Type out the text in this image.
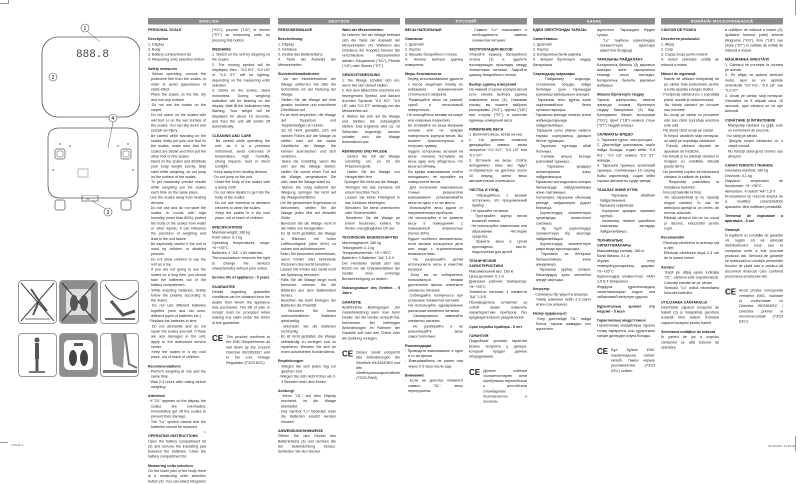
1.Pnvih 1	01.05.2017 11:45:30
888.8
1
2
4
3V
3
ENGLISH
PERSONAL SCALE
Description
1. Display
2. Body
3. Battery compartment lid
4. Measuring units selection button
Safety measures
· Before operating, remove the protective film from the scales, in order to avoid appearance of static effect.
· Place the scales on the flat, dry and non-slip surface.
· Do not use the scales on the carpet.
· Do not stand on the scales with wet feet or on the wet surface of the scales. You can slip down and sustain an injury.
· Be careful while standing on the scales: firstly put your one foot on the scales, make sure that the scales are stable and then put the other foot on the scales.
· Stand on the scales and distribute your body weight evenly. Stay steel while weighing, do not jump on the surface of the scales.
· To get maximally precise results while weighing put the scales each time on the same place.
· Use the scales away from heating devices.
· Do not use and do not store the scales in rooms with high humidity (more than 80%), protect the body of the scales from water or other liquids, it can influence the precision of weighing and lead to the unit failure.
· Be especially careful if the unit is used by children or disabled persons.
· Do not allow children to use the unit as a toy.
· If you are not going to use the scales for a long time, you should take the batteries out of the battery compartment.
· While inserting batteries, strictly follow the polarity according to the marks.
· Do not use different batteries together (new and old ones, different types of batteries etc.).
· Replace the batteries in time.
· Do not dismantle and do not repair the scales yourself. If there are any damages in the unit, apply to the authorized service center.
· Keep the scales in a dry cool place, out of reach of children.
Recommendations
· Perform weighing at one and the same time.
· Wait 2-3 hours after eating before weighing.
Attention!
· If "OL" appears on the display, the scales are overloaded. Immediately get off the scales to prevent their damage.
· The "Lo" symbol means that the batteries should be replaced.
OPERATING INSTRUCTIONS
Open the battery compartment lid (3) and remove the insulating pad between the batteries. Close the battery compartment lid.
Measuring units selection
On the lower part of the body there is a measuring units selection button (4). You can select kilograms
("KG"), pounds ("LB") or stones ("ST") as measuring units, by pressing this button.
WEIGHING
1. Switch on the unit by stepping on the scales.
2. The moving symbol will be displayed, then - "0.0 KG", "0.0 LB" or "0.0 ST" will be lighting, depending on the measuring units selected.
3. Stand on the scales, stand motionless. During weighing indication will be flashing on the display. Wait till the indications stop flashing. Your weight will be displayed for about 10 seconds, and then the unit will switch off automatically.
CLEANING AND CARE
· Be careful while operating the unit, as it is a precision instrument, avoid extremes of temperature, high humidity, strong impacts, dust or direct sunlight.
· Keep away from heating devices.
· Do not jump on the unit.
· Clean the body of the scales with a damp cloth.
· Do not allow liquids to get into the body of the scales.
· Do not use chemical or abrasive cleaners to clean the scales.
· Keep the scales in a dry cool place, out of reach of children.
SPECIFICATIONS
Maximal weight: 180 kg
Point value: 0,1 kg
Operating temperatures range: +5~+35°C
Batteries: 4 "AA" 1,5V batteries.
The manufacturer reserves the right to change the device's characteristics without prior notice.
Service life of appliance - 5 years
GUARANTEE
Details regarding guarantee conditions can be obtained from the dealer from whom the appliance was purchased. The bill of sale or receipt must be produced when making any claim under the terms of this guarantee.
CE This product conforms to the EMC-Requirements as laid down by the Council Directive 89/336/EEC and to the Low Voltage Regulation (73/23 EEC)
1
DEUTSCH
PERSONENWAAGE
Beschreibung
1. Display
2. Gehäuse
3. Deckel des Batteriefachs
4. Taste der Auswahl der Messeinheiten
Sicherheitsmaßnahmen
· Vor der Inbetriebnahme der Waage entfernen Sie bitte die Schutzfolie vor der Nutzung der Waage.
· Stellen Sie die Waage auf eine gerade, trockene und rutschfeste Oberfläche auf.
· Es ist nicht empfohlen, die Waage auf Teppichen und Teppichbelägen zu nutzen.
· Es ist nicht gestattet, sich mit nassen Füßen auf die Waage zu stellen oder auf die nasse Oberfläche der Waage. Sie können ausrutschen und sich verletzen.
· Seien Sie vorsichtig, wenn Sie sich auf die Waage stellen: stellen Sie zuerst einen Fuß auf die Waage, vergewissern Sie sich, dass die Waage stabil ist.
· Stehen Sie ruhig während der Wiegung, springen Sie nicht auf die Waageoberfläche.
· Um die genauesten Ergebnisse zu bekommen, stellen Sie die Waage jedes Mal auf dieselbe Stelle.
· Benutzen Sie die Waage nicht in der Nähe von Heizgeräten.
· Es ist nicht gestattet, die Waage in Räumen mit hoher Luftfeuchtigkeit (über 80%) zu nutzen und aufzubewahren.
· Seien Sie besonders aufmerksam, wenn Kinder oder behinderte Personen das Gerät benutzen.
· Lassen Sie Kinder das Gerät nicht als Spielzeug benutzen.
· Falls Sie die Waage lange nicht benutzen, nehmen Sie die Batterien aus dem Batteriefach heraus.
· Beachten Sie beim Einlegen der Batterien die Polarität.
· Benutzen Sie keine unterschiedlichen Batterien gleichzeitig.
· Wechseln Sie die Batterien rechtzeitig.
· Es ist nicht gestattet, die Waage selbständig zu zerlegen und zu reparieren. Wenden Sie sich an einen autorisierten Kundendienst.
Empfehlungen
· Wiegen Sie sich jeden Tag zur gleichen Zeit.
· Wiegen Sie sich nicht früher als 2-3 Stunden nach dem Essen.
Achtung!
· Wenn "OL" auf dem Display erscheint, ist die Waage überlastet.
· Das Symbol "Lo" bedeutet, dass die Batterien ersetzt werden müssen.
ANWENDUNGSHINWEISE
Öffnen Sie den Deckel des Batteriefachs (3) und nehmen Sie die Isolierdichtung heraus. Schließen Sie den Deckel.
Wahl der Messeinheiten
Im unteren Teil der Waage befindet sich die Taste der Auswahl der Messeinheiten (4). Während des Drückens der Knopfes können Sie verschiedene Messeinheiten wählen: Kilogramme ("KG"), Pfunde ("LB") oder Stones ("ST").
GEWICHTSMESSUNG
1. Die Waage schaltet sich ein, wenn Sie sich darauf stellen.
2. Auf dem Bildschirm erscheint ein bewegendes Symbol, und danach leuchten Symbole "0.0 KG", "0.0 LB" oder "0.0 ST" abhängig von der Messeinheit auf.
3. Stellen Sie sich auf die Waage und bleiben Sie unbeweglich stehen. Das Ergebnis wird ca. 10 Sekunden angezeigt, danach schaltet sich die Waage automatisch aus.
REINIGUNG UND PFLEGE
· Gehen Sie mit der Waage vorsichtig um, es ist ein Präzisionsgerät.
· Halten Sie die Waage von Heizgeräten fern.
· Springen Sie nicht auf die Waage.
· Reinigen Sie das Gehäuse mit einem feuchten Tuch.
· Lassen Sie keine Flüssigkeit in das Gehäuse eindringen.
· Benutzen Sie keine chemischen oder Scheuermittel.
· Bewahren Sie die Waage an einem trockenen, kühlen, für Kinder unzugänglichen Ort auf.
TECHNISCHE EIGENSCHAFTEN
Maximalgewicht: 180 kg
Teilungswert: 0,1 kg
Temperaturbereich: +5~+35°C
Batterien: 4 Batterien "AA" 1,5 V
Der Hersteller behält sich das Recht vor, die Charakteristiken der Geräte ohne vorherige Benachrichtigung zu ändern.
Nutzungsdauer des Gerätes - 5 Jahre
GARANTIE
Ausführliche Bedingungen der Garantieleistung kann man beim Dealer, der die Geräte verkauft hat, bekommen. Bei beliebigen Anforderungen im Rahmen der Garantie soll man den Check oder die Quittung vorlegen.
CE Dieses Gerät entspricht den Anforderungen der Richtlinie 89/336/EWG und den Niederspannungsrichtlinien (73/23 EWG)
РУССКИЙ
ВЕСЫ НАПОЛЬНЫЕ
Описание
1. Дисплей
2. Корпус
3. Крышка батарейного отсека
4. Кнопка выбора единиц измерения
Меры безопасности
· Перед использованием удалите с весов защитную пленку во избежание возникновения статического эффекта.
· Размещайте весы на ровной, сухой и нескользкой поверхности.
· Не пользуйтесь весами на ковре или ковровых покрытиях.
· Не вставайте на весы мокрыми ногами или на мокрую поверхность корпуса весов. Вы можете поскользнуться и получить травму.
· Будьте осторожны, вставая на весы: сначала поставьте на весы одну ногу, убедитесь, что весы устойчивы.
· Во время взвешивания стойте неподвижно, не прыгайте на поверхности весов.
· Для получения максимально точных результатов взвешивания устанавливайте весы на одно и то же место.
· Используйте весы вдали от нагревательных приборов.
· Не используйте и не храните весы в помещениях с повышенной влажностью (более 80%).
· Будьте особенно внимательны, если весами пользуются дети или люди с ограниченными возможностями.
· Не разрешайте детям использовать весы в качестве игрушки.
· Если вы не собираетесь пользоваться весами длительное время, извлеките элементы питания.
· Соблюдайте полярность при установке элементов питания.
· Не используйте одновременно различные элементы питания.
· Своевременно заменяйте элементы питания.
· Не разбирайте и не ремонтируйте весы самостоятельно.
Рекомендации
· Проводите взвешивание в одно и то же время.
· Взвешивайтесь не ранее чем через 2-3 часа после еды.
Внимание!
· Если на дисплее появился символ "OL", весы перегружены.
· Символ "Lo" показывает о необходимости замены элементов питания.
ЭКСПЛУАТАЦИЯ ВЕСОВ
Откройте крышку батарейного отсека (3) и удалите изолирующую прокладку между элементами питания. Закройте крышку батарейного отсека.
Выбор единиц измерения
На нижней стороне корпуса весов есть кнопка выбора единиц измерения веса (4). Нажимая кнопку, вы можете выбрать килограммы ("KG"), фунты ("LB") или стоуны ("ST") в качестве единицы измерения веса.
ИЗМЕРЕНИЕ ВЕСА
1. Включите весы, встав на них.
2. На дисплее появится движущийся символ, затем загорится "0.0 KG", "0.0 LB" или "0.0 ST".
3. Встаньте на весы, стойте неподвижно. Ваш вес будет отображаться на дисплее около 10 секунд, затем весы автоматически отключатся.
ЧИСТКА И УХОД
· Обращайтесь с весами осторожно, это прецизионный прибор.
· Не прыгайте на весах.
· Протирайте корпус весов влажной тканью.
· Не используйте химические или абразивные чистящие средства.
· Храните весы в сухом прохладном месте, недоступном для детей.
ТЕХНИЧЕСКИЕ ХАРАКТЕРИСТИКИ
Максимальный вес: 180 кг
Цена деления: 0,1 кг
Диапазон рабочих температур: +5~+35°С
Элементы питания: 4 элемента "AA" 1,5 В
Производитель оставляет за собой право изменять характеристики приборов без предварительного уведомления.
Срок службы прибора - 5 лет
ГАРАНТИЯ
Подробные условия гарантии можно получить у дилера, который продал данное оборудование.
CE Данное изделие соответствует всем требуемым европейским и российским стандартам безопасности и гигиены.
ҚАЗАҚ
ЕДЕН ЭЛЕКТРОНДЫ ТАРАЗЫ
Сипаттамасы
1. Дисплей
2. Корпус
3. Батареялық бөлік қақпағы
4. Өлшем бірліктерін таңдау батырмасы
Сақтандыру шаралары
· Пайдалану алдында, статикалық әсердің пайда болмауы үшін таразыдан қорғаныш қабықшасын алыңыз.
· Таразыны тегіс, құрғақ және сырғанамайтын бетке орналастырыңыз.
· Таразыны кілемде немесе кілем жабындыларында пайдаланбаңыз.
· Таразыға сулы аяқпен немесе таразы корпусының дымқыл бетіне тұрмаңыз.
· Таразыға тұрғанда абай болыңыз.
· Салмақ өлшеу кезінде қозғалмай тұрыңыз.
· Таразыны қыздыру аспаптарынан алыс пайдаланыңыз.
· Таразыны ылғалдылығы жоғары бөлмелерде пайдаланбаңыз және сақтамаңыз.
· Балаларға таразыны ойыншық ретінде пайдалануға рұқсат бермеңіз.
· Қоректендіру элементтерін орнатқанда полюстілікті сақтаңыз.
· Әр түрлі қоректендіру элементтерін бір мезгілде пайдаланбаңыз.
· Қоректендіру элементтерін уақытында ауыстырыңыз.
· Таразыны өз бетіңізше бөлшектемеңіз және жөндемеңіз.
· Таразыны құрғақ, салқын, балалардың қолы жетпейтін жерде сақтаңыз.
Кеңестер
· Салмақты бір уақытта өлшеңіз.
· Тамақ ішкеннен кейін 2-3 сағат өткен соң өлшеңіз.
Назар аударыңыз!
· Егер дисплейде "OL" пайда болса, таразы шамадан тыс жүктелген.
жүктелген. Таразыдан бірден түсіңіз.
· "Lo" таңбасы қоректендіру элементтерін ауыстыру қажеттігін білдіреді.
ТАРАЗЫНЫ ПАЙДАЛАНУ
Батареялық бөліктің (3) қақпағын ашыңыз және оқшаулағыш төсемді алып тастаңыз. Батареялық бөліктің қақпағын жабыңыз.
Өлшем бірліктерін таңдау
Таразы корпусының төменгі жағында өлшем бірліктерін таңдау батырмасы (4) бар. Батырманы басып, килограмм ("KG"), фунт ("LB") немесе стоун ("ST") таңдай аласыз.
САЛМАҚТЫ ӨЛШЕУ
1. Таразыға тұрып, оны қосыңыз.
2. Дисплейде қозғалмалы таңба пайда болады, содан кейін "0.0 KG", "0.0 LB" немесе "0.0 ST" жанады.
3. Таразыға тұрыңыз, қозғалмай тұрыңыз. Салмағыңыз 10 секунд бойы көрсетіледі, содан кейін таразы автоматты түрде сөнеді.
ТАЗАЛАУ ЖӘНЕ КҮТІМ
· Таразыны абайлап пайдаланыңыз.
· Таразыға секірмеңіз.
· Корпусын дымқыл матамен сүртіңіз.
· Химиялық немесе қажайтын тазалағыш заттарды пайдаланбаңыз.
ТЕХНИКАЛЫҚ СИПАТТАМАЛАРЫ
Максималды салмақ: 180 кг
Бөлік бағасы: 0,1 кг
Жұмыс істеу температураларының ауқымы: +5~+35°С
Қоректендіру элементтері: «AA» 1,5 В 4 батареясы
Өндіруші құрылғылардың сипаттамаларын алдын ала хабарламай өзгертуге құқылы.
Құрылғының қызмет ету мерзімі - 5 жыл
Гарантиялық міндеттемені
Гарантиялық жағдайлары туралы толық ақпаратты осы құрылғыны сатқан дилерден алуға болады.
CE Бұл бұйым EMC талаптарына сәйкес келеді. Төмен кернеу регламентіне (73/23 EEC) сәйкес.
ROMÂNĂ/ MOLDOVENEASCĂ
CÂNTAR DE PODEA
Descrierea produsului
1. Afişaj
2. Corp
3. Capac locaş pentru baterii
4. Buton selectare unităţi de măsură a masei
Măsuri de siguranţă
· Înainte de utilizare îndepărtaţi de pe cântar folia protectoare pentru a evita apariţia energiei statice.
· Poziţionaţi cântarul pe o suprafaţă plană, uscată şi nealunecoasă.
· Nu folosiţi cântarul pe covoare sau mochete.
· Nu urcaţi pe cântar cu picioarele ude sau când suprafaţa acestuia este udă.
· Fiţi atenţi când urcaţi pe cântar.
· În timpul cântăririi staţi nemişcat, nu săriţi pe suprafaţa cântarului.
· Folosiţi cântarul departe de aparatele de încălzire.
· Nu folosiţi şi nu păstraţi cântarul în încăperi cu umiditate ridicată (peste 80%).
· Nu permiteţi copiilor să folosească cântarul în calitate de jucărie.
· Respectaţi polaritatea la instalarea bateriilor.
· Înlocuiţi bateriile la timp.
· Nu dezasamblaţi şi nu reparaţi singuri cântarul. În caz de defecţiuni apelaţi la un centru de service autorizat.
· Păstraţi cântarul într-un loc uscat şi răcoros, inaccesibil pentru copii.
Recomandări
· Efectuaţi cântărirea la aceeaşi oră a zilei.
· Efectuaţi cântărirea după 2-3 ore de la luarea mesei.
Atenţie!
· Dacă pe afişaj apare indicaţia "OL", cântarul este supraîncărcat. Coborâţi imediat de pe cântar.
· Simbolul "Lo" indică necesitatea înlocuirii bateriilor.
UTILIZAREA CÂNTARULUI
Deschideţi capacul locaşului de baterii (3) şi îndepărtaţi garnitura izolantă între baterii. Închideţi capacul locaşului pentru baterii.
Selectarea unităţilor de măsură
În partea de jos a corpului cântarului se află butonul de selectare
a unităţilor de măsură a masei (4). Apăsând butonul puteţi selecta kilograme ("KG"), livre ("LB") sau stone ("ST") în calitate de unităţi de măsură a masei.
MĂSURAREA GREUTĂŢII
1. Cântarul se porneşte la urcarea pe acesta.
2. Pe afişaj va apărea simbolul mobil, apoi se vor aprinde simbolurile "0.0 KG", "0.0 LB" sau "0.0 ST".
3. Urcaţi pe cântar, staţi nemişcat. Greutatea va fi afişată circa 10 secunde, apoi cântarul se va opri automat.
CURĂŢARE ŞI ÎNTREŢINERE
· Manipulaţi cântarul cu grijă, este un instrument de precizie.
· Nu săriţi pe cântar.
· Ştergeţi corpul cântarului cu o cârpă umedă.
· Nu folosiţi detergenţi chimici sau abrazivi.
CARACTERISTICI TEHNICE
Greutatea maximă: 180 kg
Diviziune: 0,1 kg
Diapazon temperaturi de funcţionare: +5~+35°C
Alimentare: 4 baterii "AA" 1,5 V
Producătorul îşi rezervă dreptul de a modifica caracteristicile aparatelor fără notificare prealabilă.
Termenul de exploatare a aparatului - 5 ani
Garanţie
În legătură cu condiţiile de garanţie vă rugăm să vă adresaţi distribuitorului local sau la compania unde a fost procurat produsul dat. Serviciul de garanţie se realizează cu condiţia prezentării bonului de plată sau a oricărui alt document financiar care confirmă procurarea produsului dat.
CE Acest produs corespunde cerinţelor EMC, înaintate în conformitate cu Directiva 89/336/EEC / Directiva privind la electrosecuritate (73/23 EEC).
